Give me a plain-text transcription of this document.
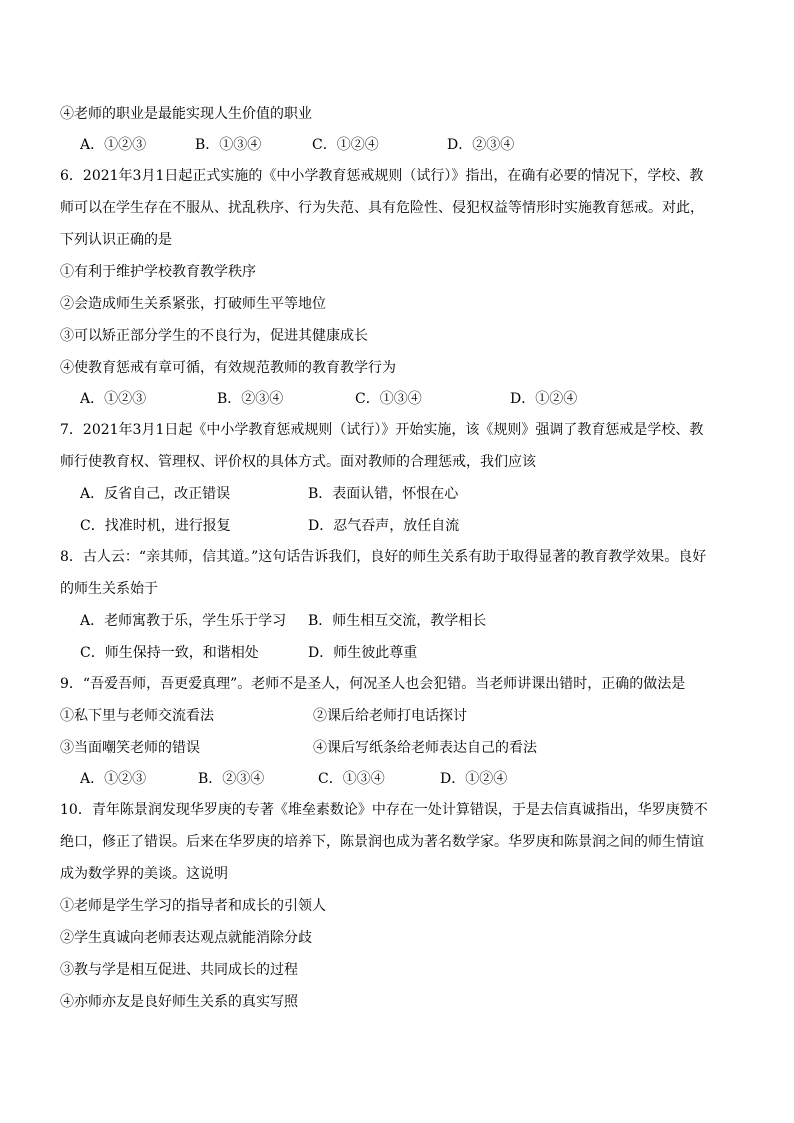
④老师的职业是最能实现人生价值的职业
A．①②③	B．①③④	C．①②④	D．②③④
6．2021年3月1日起正式实施的《中小学教育惩戒规则（试行）》指出，在确有必要的情况下，学校、教
师可以在学生存在不服从、扰乱秩序、行为失范、具有危险性、侵犯权益等情形时实施教育惩戒。对此，
下列认识正确的是
①有利于维护学校教育教学秩序
②会造成师生关系紧张，打破师生平等地位
③可以矫正部分学生的不良行为，促进其健康成长
④使教育惩戒有章可循，有效规范教师的教育教学行为
A．①②③	B．②③④	C．①③④	D．①②④
7．2021年3月1日起《中小学教育惩戒规则（试行）》开始实施，该《规则》强调了教育惩戒是学校、教
师行使教育权、管理权、评价权的具体方式。面对教师的合理惩戒，我们应该
A．反省自己，改正错误	B．表面认错，怀恨在心
C．找准时机，进行报复	D．忍气吞声，放任自流
8．古人云：“亲其师，信其道。”这句话告诉我们，良好的师生关系有助于取得显著的教育教学效果。良好
的师生关系始于
A．老师寓教于乐，学生乐于学习 B．师生相互交流，教学相长
C．师生保持一致，和谐相处	D．师生彼此尊重
9．“吾爱吾师，吾更爱真理”。老师不是圣人，何况圣人也会犯错。当老师讲课出错时，正确的做法是
①私下里与老师交流看法	②课后给老师打电话探讨
③当面嘲笑老师的错误	④课后写纸条给老师表达自己的看法
A．①②③	B．②③④	C．①③④	D．①②④
10．青年陈景润发现华罗庚的专著《堆垒素数论》中存在一处计算错误，于是去信真诚指出，华罗庚赞不
绝口，修正了错误。后来在华罗庚的培养下，陈景润也成为著名数学家。华罗庚和陈景润之间的师生情谊
成为数学界的美谈。这说明
①老师是学生学习的指导者和成长的引领人
②学生真诚向老师表达观点就能消除分歧
③教与学是相互促进、共同成长的过程
④亦师亦友是良好师生关系的真实写照
